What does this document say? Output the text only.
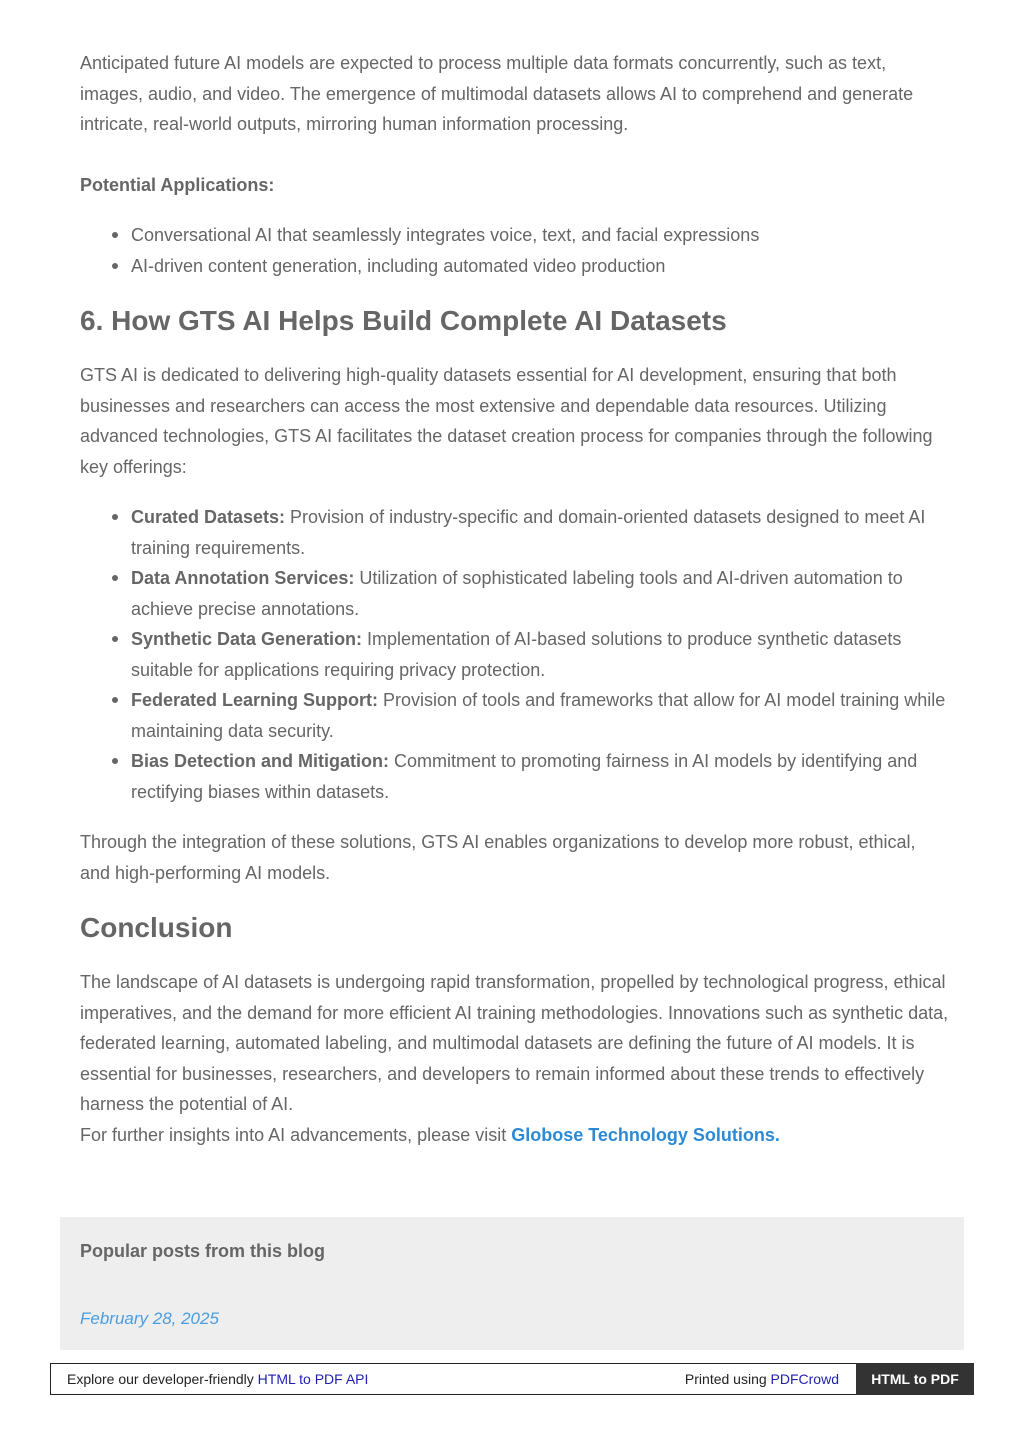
Anticipated future AI models are expected to process multiple data formats concurrently, such as text, images, audio, and video. The emergence of multimodal datasets allows AI to comprehend and generate intricate, real-world outputs, mirroring human information processing.

Potential Applications:

Conversational AI that seamlessly integrates voice, text, and facial expressions
AI-driven content generation, including automated video production
6. How GTS AI Helps Build Complete AI Datasets

GTS AI is dedicated to delivering high-quality datasets essential for AI development, ensuring that both businesses and researchers can access the most extensive and dependable data resources. Utilizing advanced technologies, GTS AI facilitates the dataset creation process for companies through the following key offerings:

Curated Datasets: Provision of industry-specific and domain-oriented datasets designed to meet AI training requirements.
Data Annotation Services: Utilization of sophisticated labeling tools and AI-driven automation to achieve precise annotations.
Synthetic Data Generation: Implementation of AI-based solutions to produce synthetic datasets suitable for applications requiring privacy protection.
Federated Learning Support: Provision of tools and frameworks that allow for AI model training while maintaining data security.
Bias Detection and Mitigation: Commitment to promoting fairness in AI models by identifying and rectifying biases within datasets.

Through the integration of these solutions, GTS AI enables organizations to develop more robust, ethical, and high-performing AI models.

Conclusion

The landscape of AI datasets is undergoing rapid transformation, propelled by technological progress, ethical imperatives, and the demand for more efficient AI training methodologies. Innovations such as synthetic data, federated learning, automated labeling, and multimodal datasets are defining the future of AI models. It is essential for businesses, researchers, and developers to remain informed about these trends to effectively harness the potential of AI.

For further insights into AI advancements, please visit Globose Technology Solutions.

Popular posts from this blog
February 28, 2025
Explore our developer-friendly HTML to PDF API	Printed using PDFCrowd	HTML to PDF
